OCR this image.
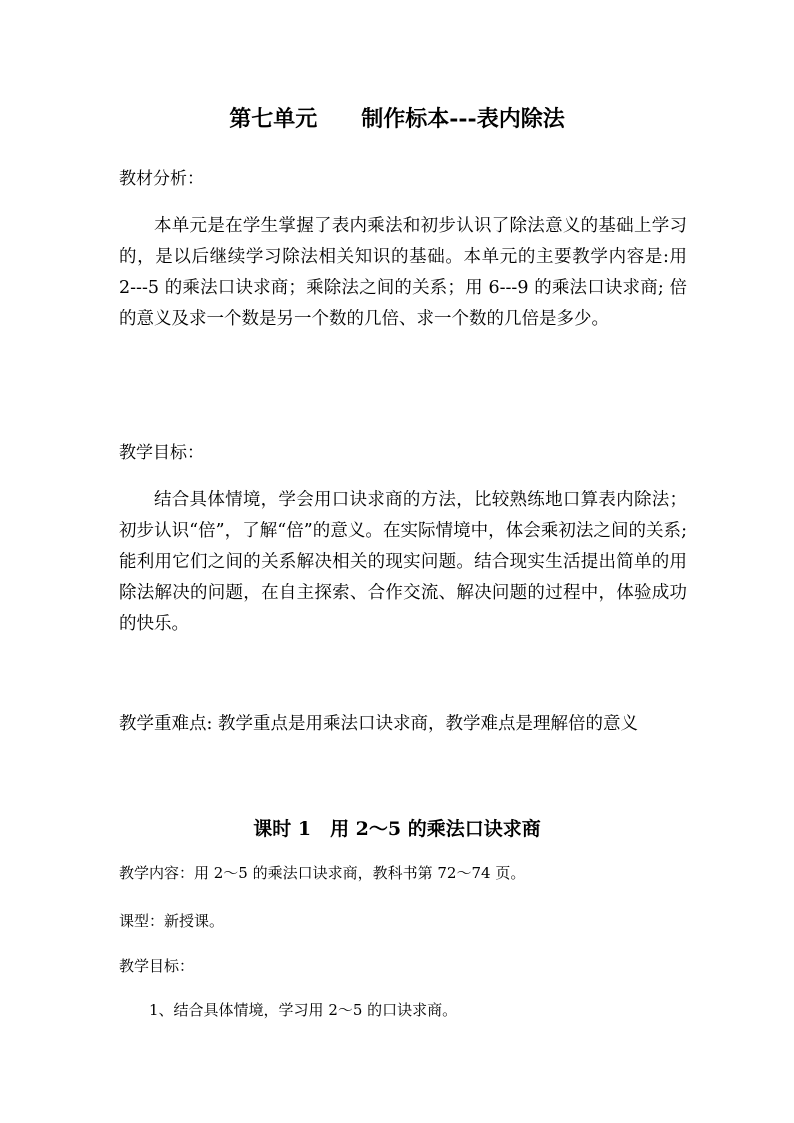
第七单元　　制作标本---表内除法

教材分析：

本单元是在学生掌握了表内乘法和初步认识了除法意义的基础上学习的，是以后继续学习除法相关知识的基础。本单元的主要教学内容是:用 2---5 的乘法口诀求商；乘除法之间的关系；用 6---9 的乘法口诀求商; 倍的意义及求一个数是另一个数的几倍、求一个数的几倍是多少。

教学目标：

结合具体情境，学会用口诀求商的方法，比较熟练地口算表内除法；初步认识“倍”，了解“倍”的意义。在实际情境中，体会乘初法之间的关系; 能利用它们之间的关系解决相关的现实问题。结合现实生活提出简单的用除法解决的问题，在自主探索、合作交流、解决问题的过程中，体验成功的快乐。

教学重难点: 教学重点是用乘法口诀求商，教学难点是理解倍的意义

课时 1　用 2～5 的乘法口诀求商

教学内容：用 2～5 的乘法口诀求商，教科书第 72～74 页。

课型：新授课。

教学目标：

1、结合具体情境，学习用 2～5 的口诀求商。
